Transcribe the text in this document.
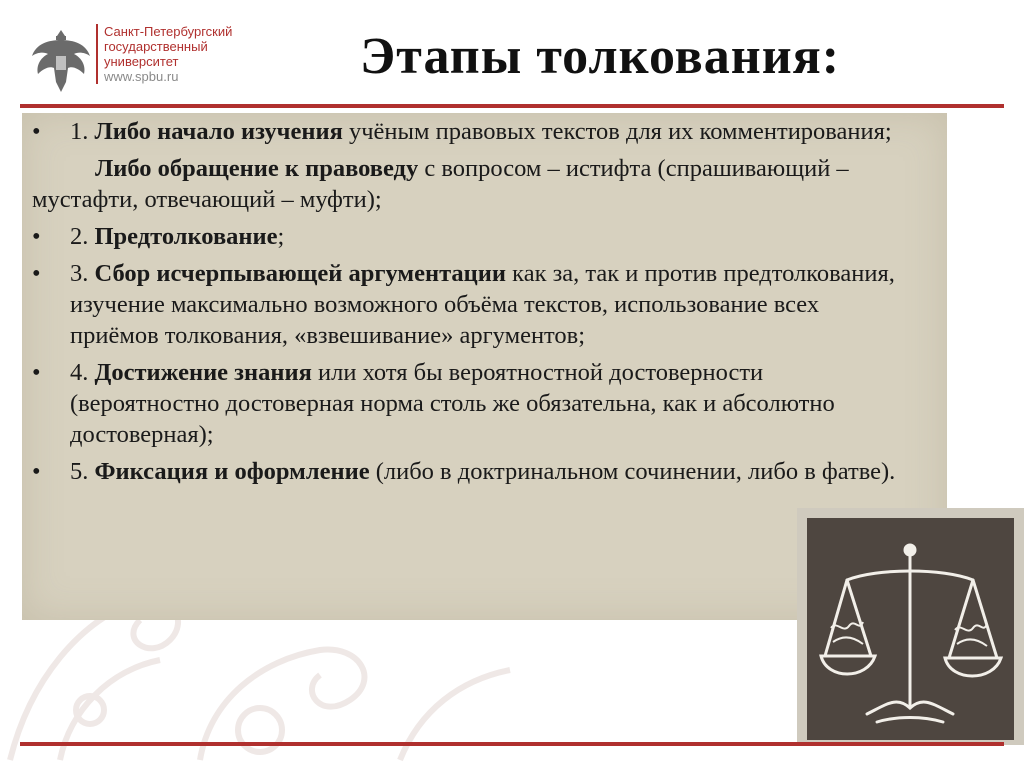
Санкт-Петербургский
государственный
университет
www.spbu.ru	Этапы толкования:
• 1. Либо начало изучения учёным правовых текстов для их комментирования;
Либо обращение к правоведу с вопросом – истифта (спрашивающий – мустафти, отвечающий – муфти);
• 2. Предтолкование;
• 3. Сбор исчерпывающей аргументации как за, так и против предтолкования, изучение максимально возможного объёма текстов, использование всех приёмов толкования, «взвешивание» аргументов;
• 4. Достижение знания или хотя бы вероятностной достоверности (вероятностно достоверная норма столь же обязательна, как и абсолютно достоверная);
• 5. Фиксация и оформление (либо в доктринальном сочинении, либо в фатве).
